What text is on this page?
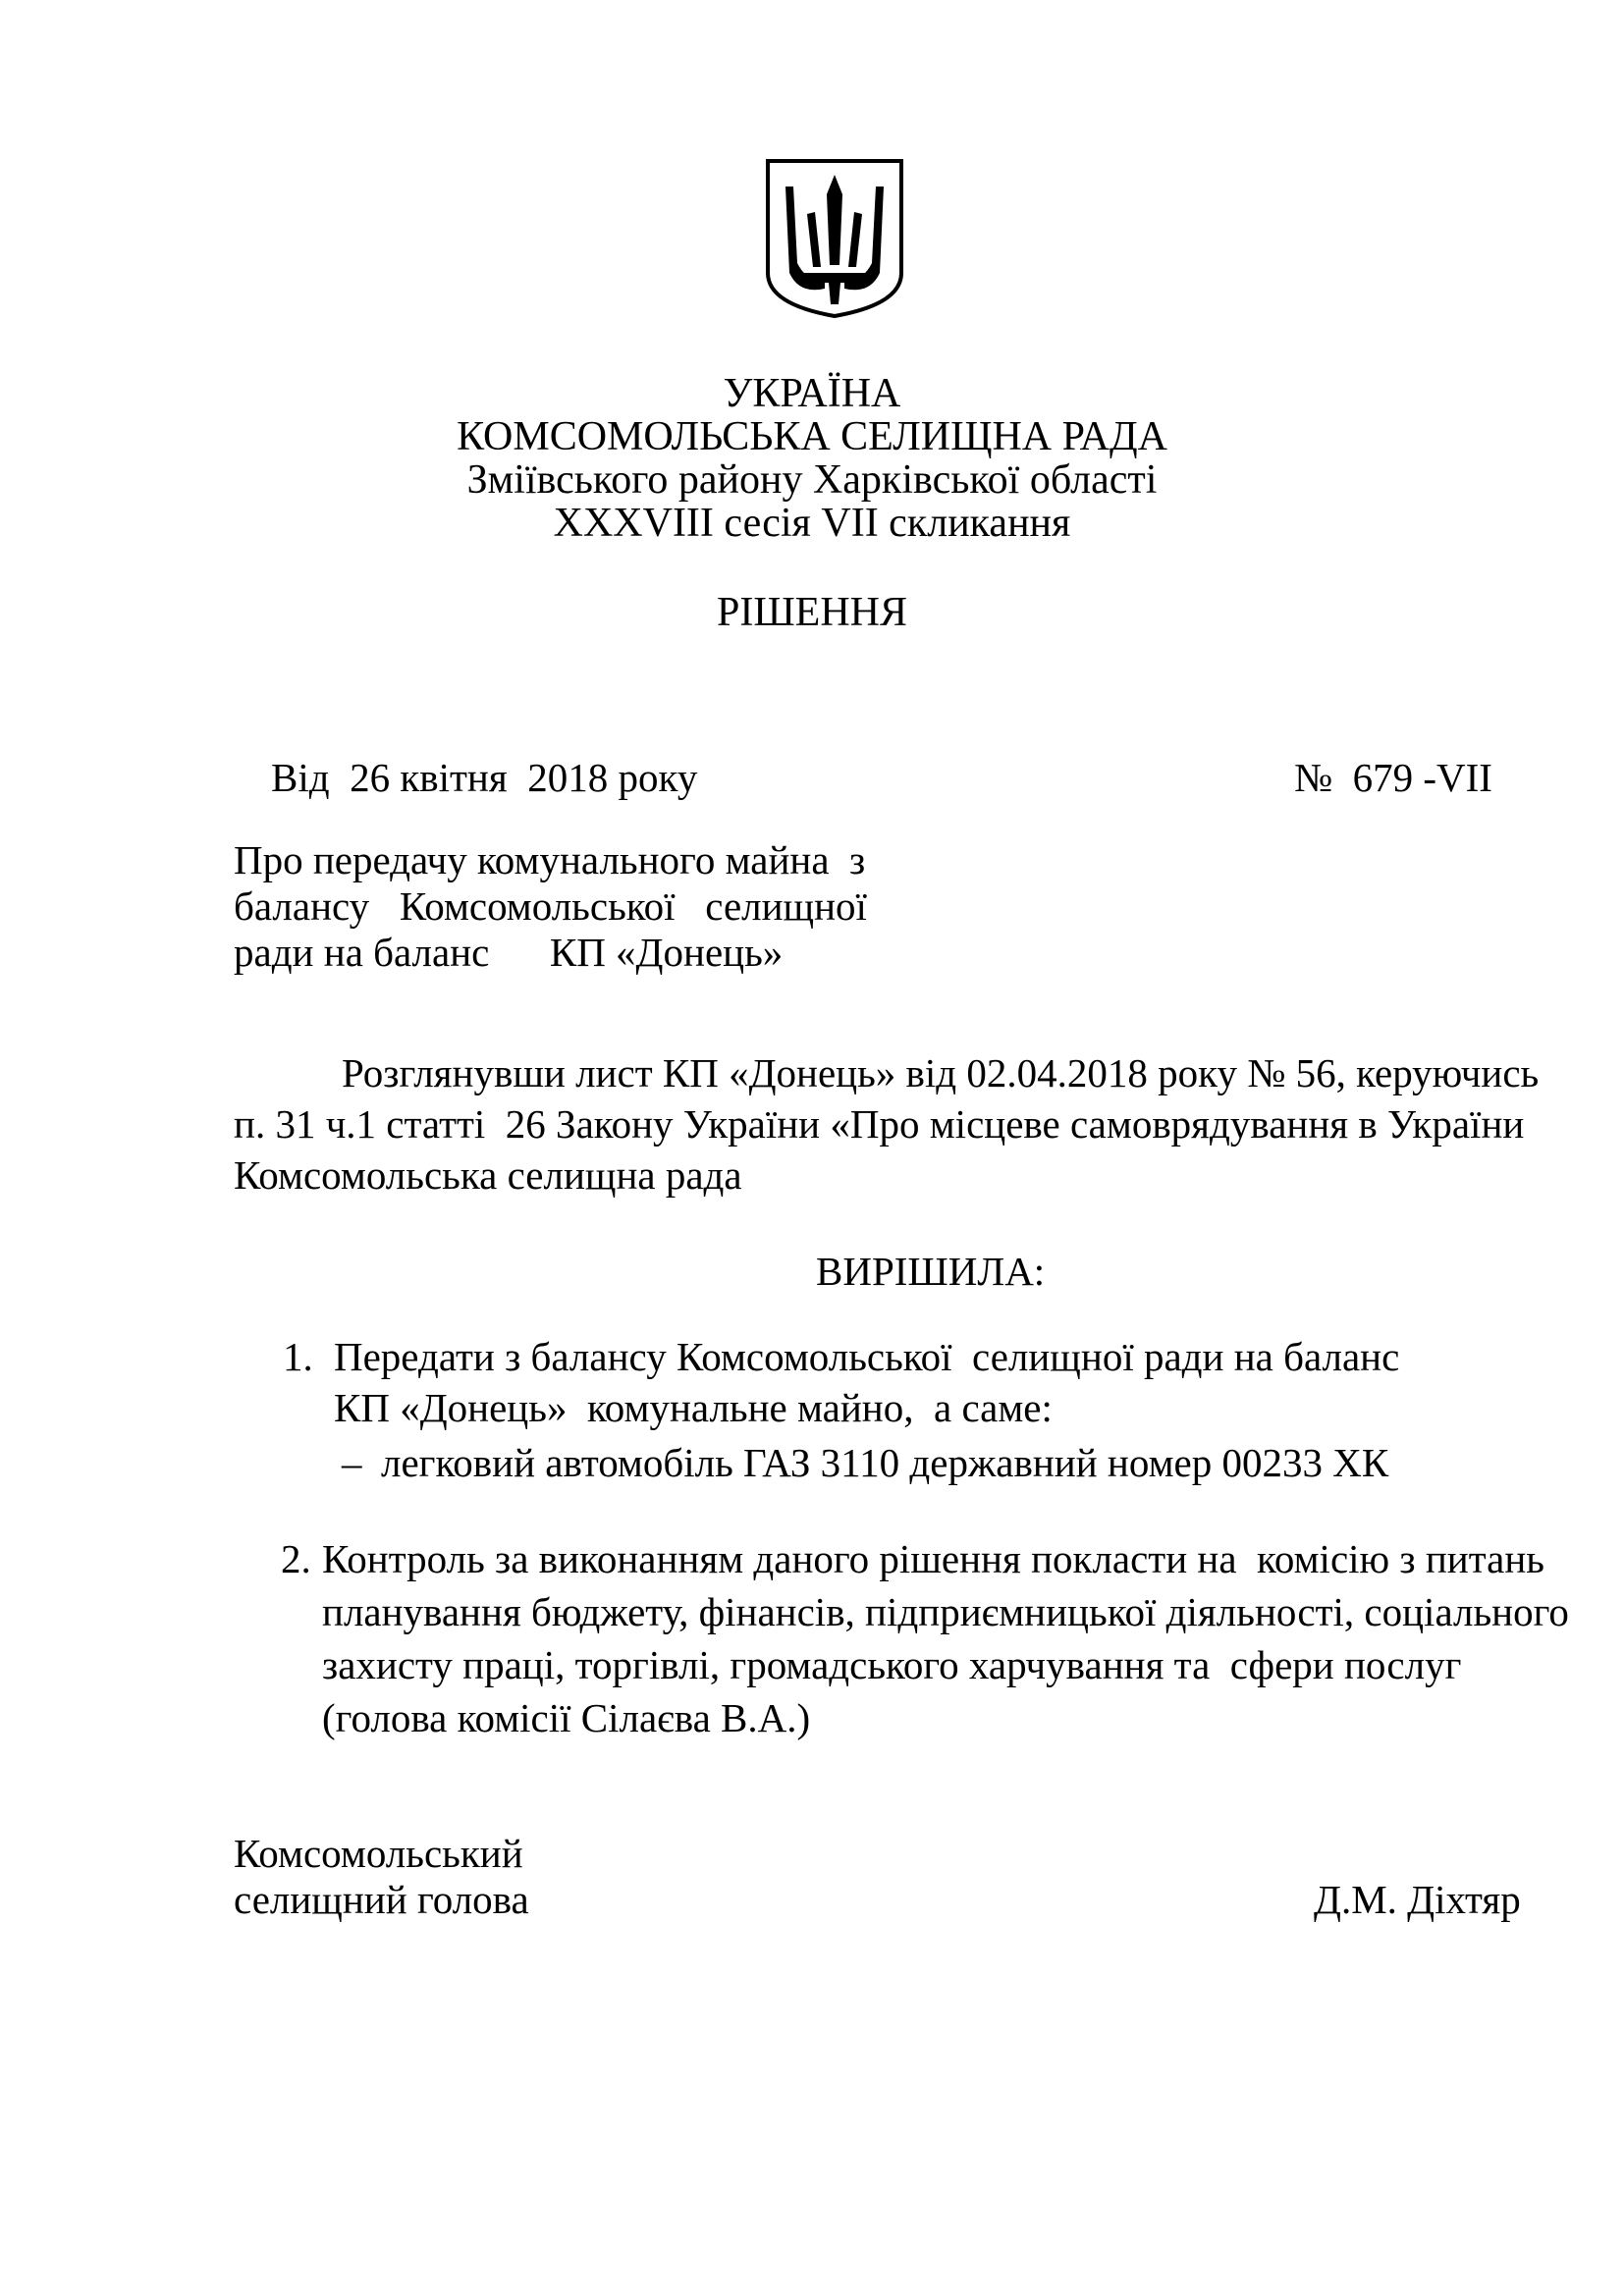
УКРАЇНА
КОМСОМОЛЬСЬКА СЕЛИЩНА РАДА
Зміївського району Харківської області
XXXVIII сесія VII скликання
РІШЕННЯ
Від  26 квітня  2018 року	№  679 -VII
Про передачу комунального майна  з
балансу   Комсомольської   селищної
ради на баланс      КП «Донець»
Розглянувши лист КП «Донець» від 02.04.2018 року № 56, керуючись
п. 31 ч.1 статті  26 Закону України «Про місцеве самоврядування в України
Комсомольська селищна рада
ВИРІШИЛА:
1. Передати з балансу Комсомольської  селищної ради на баланс
КП «Донець»  комунальне майно,  а саме:
– легковий автомобіль ГАЗ 3110 державний номер 00233 ХК
2. Контроль за виконанням даного рішення покласти на  комісію з питань
планування бюджету, фінансів, підприємницької діяльності, соціального
захисту праці, торгівлі, громадського харчування та  сфери послуг
(голова комісії Сілаєва В.А.)
Комсомольський
селищний голова	Д.М. Діхтяр
